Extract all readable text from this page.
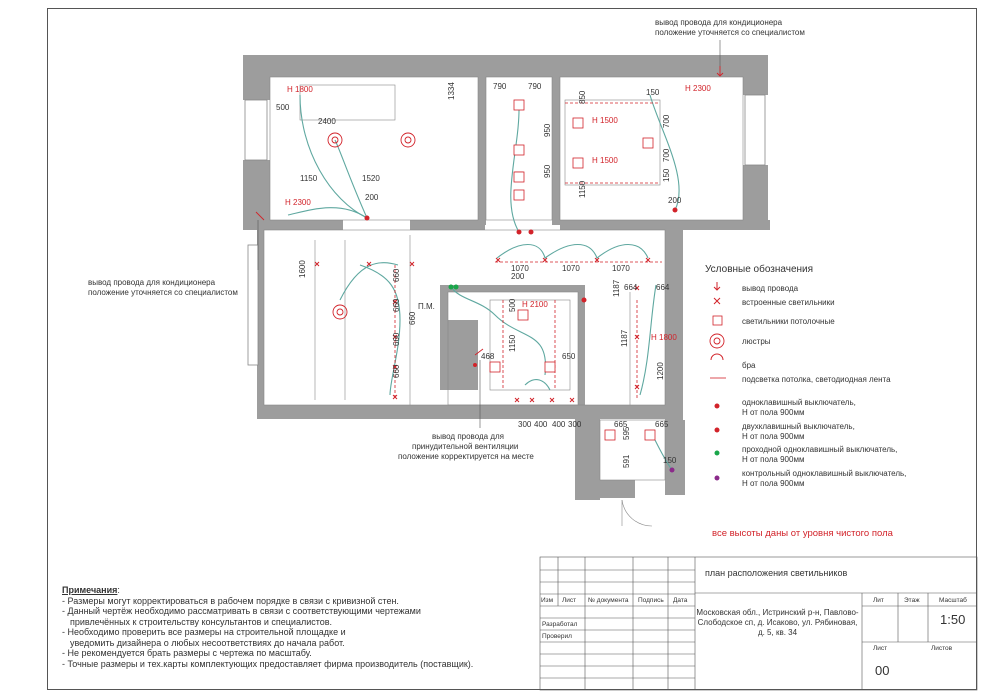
вывод провода для кондиционера
положение уточняется со специалистом
вывод провода для кондиционера
положение уточняется со специалистом
вывод провода для
принудительной вентиляции
положение корректируется на месте
H 1800
H 2300
H 2300
H 1500
H 1500
H 2100
H 1800
П.М.
500
2400
1334
1150	1520
200
790	790
950
950
850	150
700
700
150
1150
200
1600	660
660
660
660
660
1070	1070	1070
200
1187 664 664
500
1150
468	650
1187
1200
300 400 400 300	665
595
665
591	150
Условные обозначения
вывод провода
встроенные светильники
светильники потолочные
люстры
бра
подсветка потолка, светодиодная лента
одноклавишный выключатель,
Н от пола 900мм
двухклавишный выключатель,
Н от пола 900мм
проходной одноклавишный выключатель,
Н от пола 900мм
контрольный одноклавишный выключатель,
Н от пола 900мм
все высоты даны от уровня чистого пола
Примечания:
- Размеры могут корректироваться в рабочем порядке в связи с кривизной стен.
- Данный чертёж необходимо рассматривать в связи с соответствующими чертежами
привлечённых к строительству консультантов и специалистов.
- Необходимо проверить все размеры на строительной площадке и
уведомить дизайнера о любых несоответствиях до начала работ.
- Не рекомендуется брать размеры с чертежа по масштабу.
- Точные размеры и тех.карты комплектующих предоставляет фирма производитель (поставщик).
план расположения светильников
Изм Лист № документа Подпись Дата
Разработал
Проверил
Московская обл., Истринский р-н, Павлово-Слободское сп, д. Исаково, ул. Рябиновая, д. 5, кв. 34
Лит	Этаж	Масштаб
1:50
Лист	Листов
00
